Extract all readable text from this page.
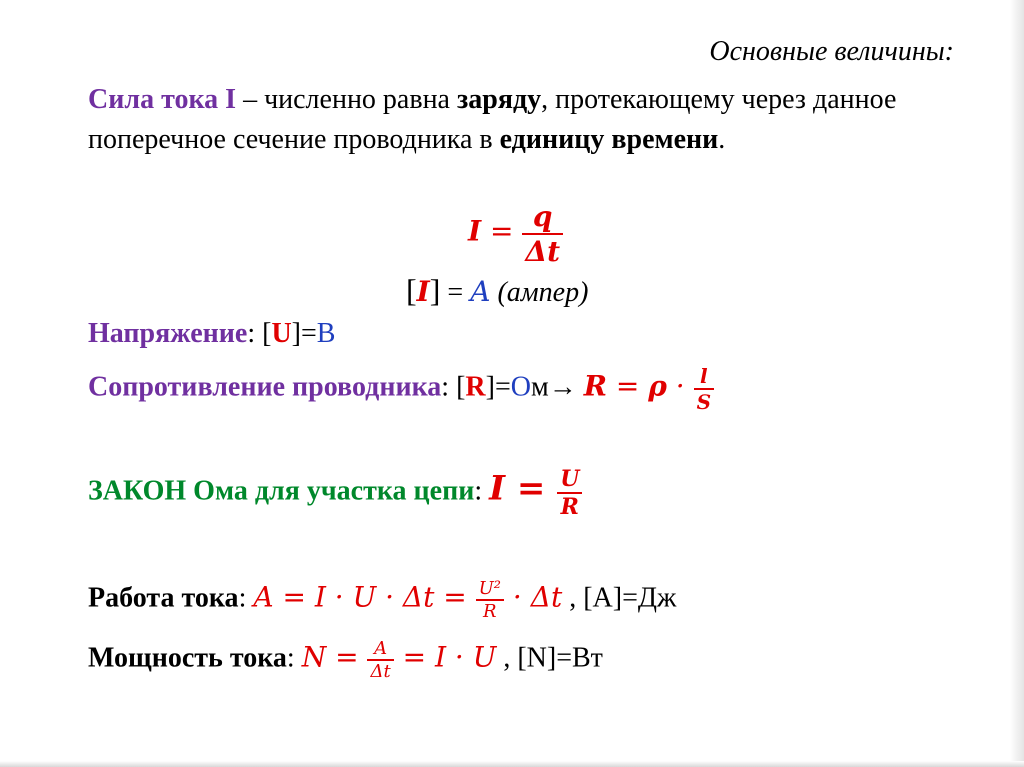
Основные величины:
Сила тока I – численно равна заряду, протекающему через данное поперечное сечение проводника в единицу времени.
$I = \frac{q}{\Delta t}$
[I] = A (ампер)
Напряжение: [U]=В
Сопротивление проводника: $[R]=Ом\to R = \rho \cdot \frac{l}{S}$
ЗАКОН Ома для участка цепи: $I = \frac{U}{R}$
Работа тока: $A = I \cdot U \cdot \Delta t = \frac{\text{U²}}{R} \cdot \Delta t$ , [А]=Дж
Мощность тока: $N = \frac{A}{\Delta t} = I \cdot U$ , [N]=Вт
